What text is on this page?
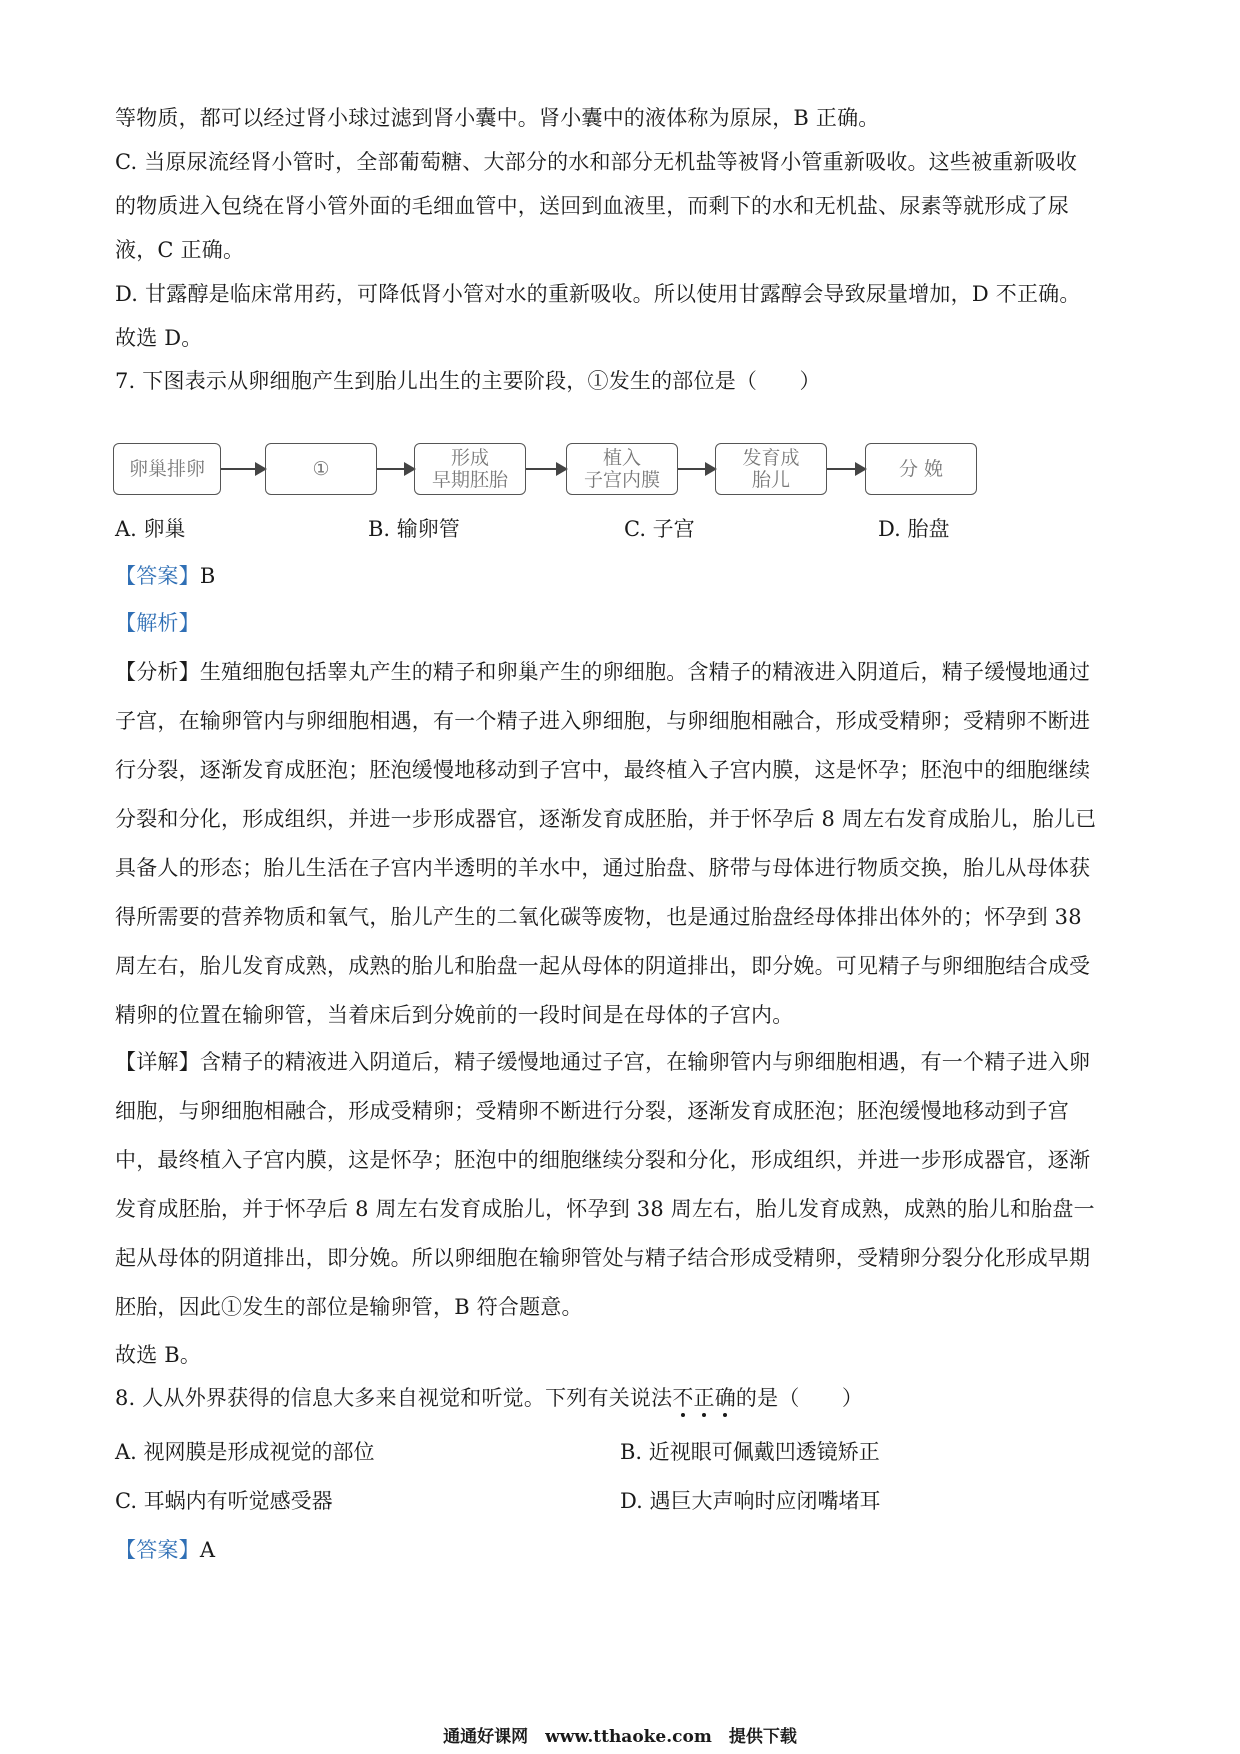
等物质，都可以经过肾小球过滤到肾小囊中。肾小囊中的液体称为原尿，B 正确。
C. 当原尿流经肾小管时，全部葡萄糖、大部分的水和部分无机盐等被肾小管重新吸收。这些被重新吸收
的物质进入包绕在肾小管外面的毛细血管中，送回到血液里，而剩下的水和无机盐、尿素等就形成了尿
液，C 正确。
D. 甘露醇是临床常用药，可降低肾小管对水的重新吸收。所以使用甘露醇会导致尿量增加，D 不正确。
故选 D。
7. 下图表示从卵细胞产生到胎儿出生的主要阶段，①发生的部位是（　　）
卵巢排卵	①	形成
早期胚胎
植入
子宫内膜
发育成
胎儿	分 娩
A. 卵巢	B. 输卵管	C. 子宫	D. 胎盘
【答案】B
【解析】
【分析】生殖细胞包括睾丸产生的精子和卵巢产生的卵细胞。含精子的精液进入阴道后，精子缓慢地通过
子宫，在输卵管内与卵细胞相遇，有一个精子进入卵细胞，与卵细胞相融合，形成受精卵；受精卵不断进
行分裂，逐渐发育成胚泡；胚泡缓慢地移动到子宫中，最终植入子宫内膜，这是怀孕；胚泡中的细胞继续
分裂和分化，形成组织，并进一步形成器官，逐渐发育成胚胎，并于怀孕后 8 周左右发育成胎儿，胎儿已
具备人的形态；胎儿生活在子宫内半透明的羊水中，通过胎盘、脐带与母体进行物质交换，胎儿从母体获
得所需要的营养物质和氧气，胎儿产生的二氧化碳等废物，也是通过胎盘经母体排出体外的；怀孕到 38
周左右，胎儿发育成熟，成熟的胎儿和胎盘一起从母体的阴道排出，即分娩。可见精子与卵细胞结合成受
精卵的位置在输卵管，当着床后到分娩前的一段时间是在母体的子宫内。
【详解】含精子的精液进入阴道后，精子缓慢地通过子宫，在输卵管内与卵细胞相遇，有一个精子进入卵
细胞，与卵细胞相融合，形成受精卵；受精卵不断进行分裂，逐渐发育成胚泡；胚泡缓慢地移动到子宫
中，最终植入子宫内膜，这是怀孕；胚泡中的细胞继续分裂和分化，形成组织，并进一步形成器官，逐渐
发育成胚胎，并于怀孕后 8 周左右发育成胎儿，怀孕到 38 周左右，胎儿发育成熟，成熟的胎儿和胎盘一
起从母体的阴道排出，即分娩。所以卵细胞在输卵管处与精子结合形成受精卵，受精卵分裂分化形成早期
胚胎，因此①发生的部位是输卵管，B 符合题意。
故选 B。
8. 人从外界获得的信息大多来自视觉和听觉。下列有关说法不正确的是（　　）
A. 视网膜是形成视觉的部位	B. 近视眼可佩戴凹透镜矫正
C. 耳蜗内有听觉感受器	D. 遇巨大声响时应闭嘴堵耳
【答案】A
通通好课网　www.tthaoke.com　提供下载
